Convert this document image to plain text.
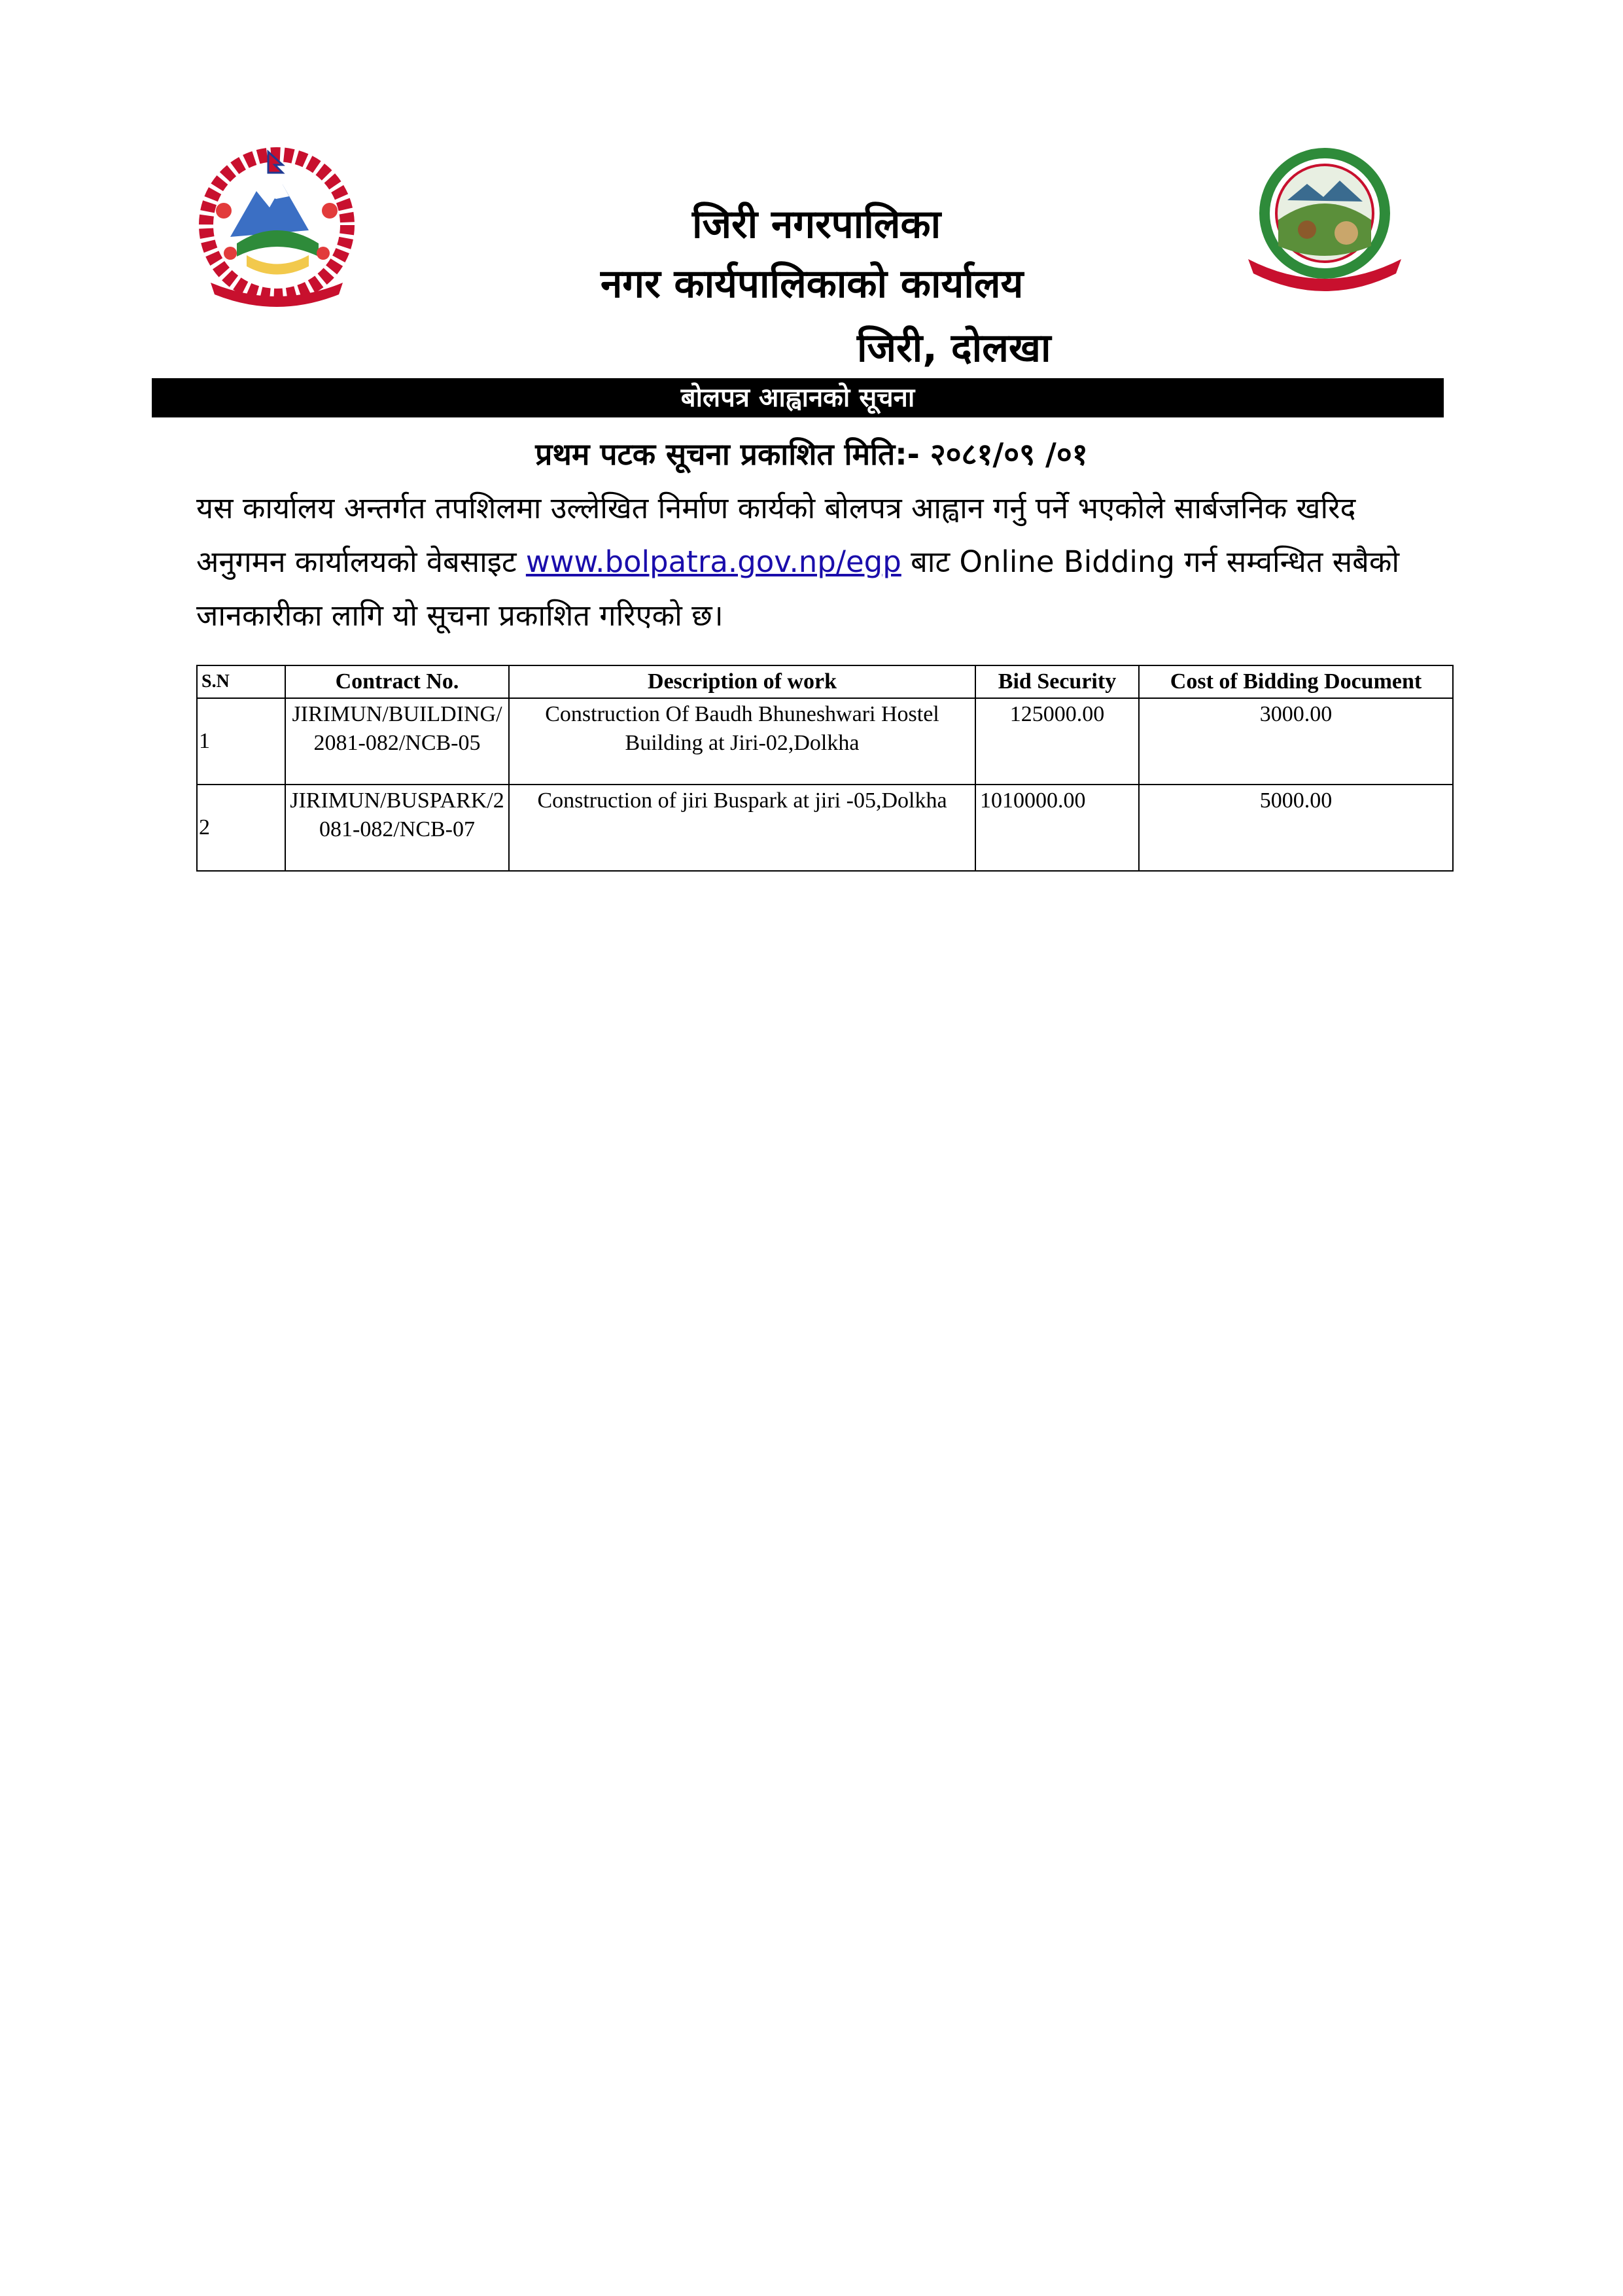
जिरी नगरपालिका
नगर कार्यपालिकाको कार्यालय
जिरी, दोलखा
बोलपत्र आह्वानको सूचना
प्रथम पटक सूचना प्रकाशित मिति:- २०८१/०९ /०१
यस कार्यालय अन्तर्गत तपशिलमा उल्लेखित निर्माण कार्यको बोलपत्र आह्वान गर्नु पर्ने भएकोले सार्बजनिक खरिद अनुगमन कार्यालयको वेबसाइट www.bolpatra.gov.np/egp बाट Online Bidding गर्न सम्वन्धित सबैको जानकारीका लागि यो सूचना प्रकाशित गरिएको छ।
S.N	Contract No.	Description of work	Bid Security	Cost of Bidding Document
1	JIRIMUN/BUILDING/2081-082/NCB-05	Construction Of Baudh Bhuneshwari Hostel Building at Jiri-02,Dolkha	125000.00	3000.00
2	JIRIMUN/BUSPARK/2081-082/NCB-07	Construction of jiri Buspark at jiri -05,Dolkha	1010000.00	5000.00
